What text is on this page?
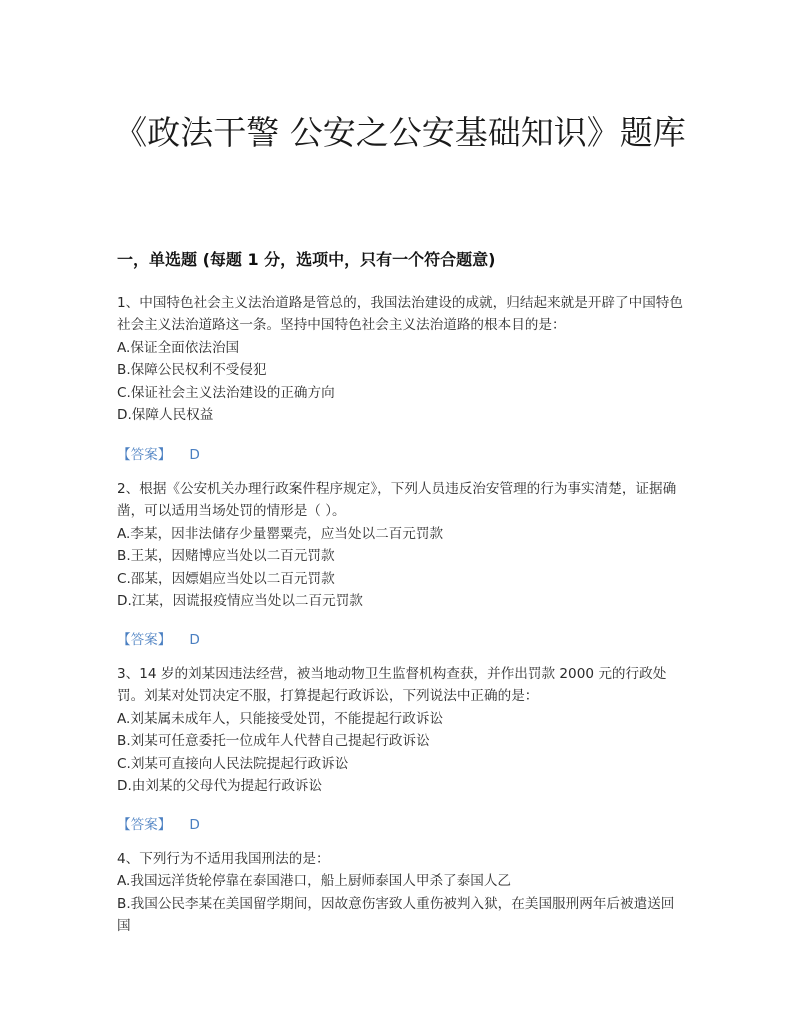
《政法干警 公安之公安基础知识》题库
一，单选题 (每题 1 分，选项中，只有一个符合题意)

1、中国特色社会主义法治道路是管总的，我国法治建设的成就，归结起来就是开辟了中国特色社会主义法治道路这一条。坚持中国特色社会主义法治道路的根本目的是：

A.保证全面依法治国

B.保障公民权利不受侵犯

C.保证社会主义法治建设的正确方向

D.保障人民权益

【答案】 D

2、根据《公安机关办理行政案件程序规定》，下列人员违反治安管理的行为事实清楚，证据确凿，可以适用当场处罚的情形是（ ）。

A.李某，因非法储存少量罂粟壳，应当处以二百元罚款

B.王某，因赌博应当处以二百元罚款

C.邵某，因嫖娼应当处以二百元罚款

D.江某，因谎报疫情应当处以二百元罚款

【答案】 D

3、14 岁的刘某因违法经营，被当地动物卫生监督机构查获，并作出罚款 2000 元的行政处罚。刘某对处罚决定不服，打算提起行政诉讼，下列说法中正确的是：

A.刘某属未成年人，只能接受处罚，不能提起行政诉讼

B.刘某可任意委托一位成年人代替自己提起行政诉讼

C.刘某可直接向人民法院提起行政诉讼

D.由刘某的父母代为提起行政诉讼

【答案】 D

4、下列行为不适用我国刑法的是：

A.我国远洋货轮停靠在泰国港口，船上厨师泰国人甲杀了泰国人乙

B.我国公民李某在美国留学期间，因故意伤害致人重伤被判入狱，在美国服刑两年后被遣送回国
